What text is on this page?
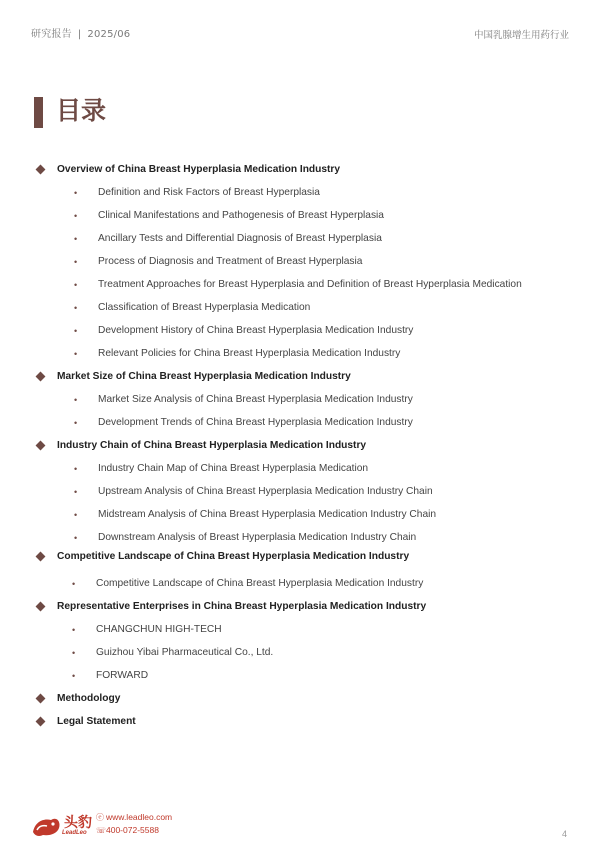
研究报告 | 2025/06	中国乳腺增生用药行业
目录
Overview of China Breast Hyperplasia Medication Industry
• Definition and Risk Factors of Breast Hyperplasia
• Clinical Manifestations and Pathogenesis of Breast Hyperplasia
• Ancillary Tests and Differential Diagnosis of Breast Hyperplasia
• Process of Diagnosis and Treatment of Breast Hyperplasia
• Treatment Approaches for Breast Hyperplasia and Definition of Breast Hyperplasia Medication
• Classification of Breast Hyperplasia Medication
• Development History of China Breast Hyperplasia Medication Industry
• Relevant Policies for China Breast Hyperplasia Medication Industry
Market Size of China Breast Hyperplasia Medication Industry
• Market Size Analysis of China Breast Hyperplasia Medication Industry
• Development Trends of China Breast Hyperplasia Medication Industry
Industry Chain of China Breast Hyperplasia Medication Industry
• Industry Chain Map of China Breast Hyperplasia Medication
• Upstream Analysis of China Breast Hyperplasia Medication Industry Chain
• Midstream Analysis of China Breast Hyperplasia Medication Industry Chain
• Downstream Analysis of Breast Hyperplasia Medication Industry Chain
Competitive Landscape of China Breast Hyperplasia Medication Industry
• Competitive Landscape of China Breast Hyperplasia Medication Industry
Representative Enterprises in China Breast Hyperplasia Medication Industry
• CHANGCHUN HIGH-TECH
• Guizhou Yibai Pharmaceutical Co., Ltd.
• FORWARD
Methodology
Legal Statement
头豹
LeadLeo
ⓔ www.leadleo.com
☏400-072-5588	4
